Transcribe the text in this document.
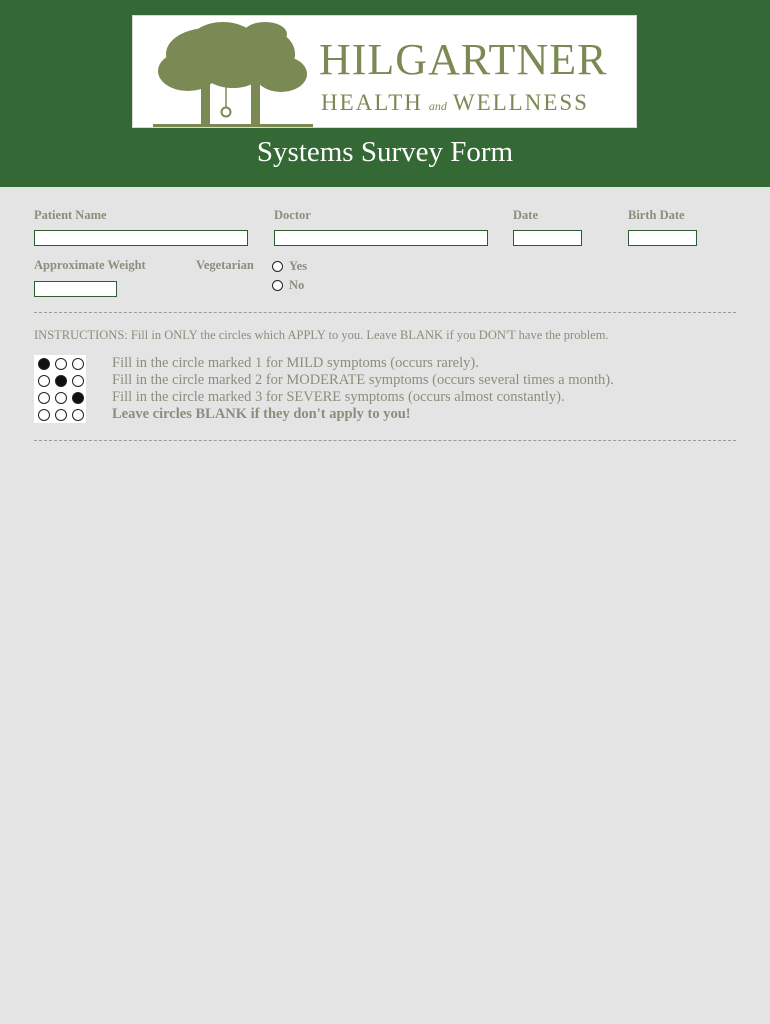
HILGARTNER
HEALTH and WELLNESS
Systems Survey Form
Patient Name	Doctor	Date	Birth Date
Approximate Weight	Vegetarian	Yes
No
INSTRUCTIONS: Fill in ONLY the circles which APPLY to you. Leave BLANK if you DON'T have the problem.
Fill in the circle marked 1 for MILD symptoms (occurs rarely).
Fill in the circle marked 2 for MODERATE symptoms (occurs several times a month).
Fill in the circle marked 3 for SEVERE symptoms (occurs almost constantly).
Leave circles BLANK if they don't apply to you!
